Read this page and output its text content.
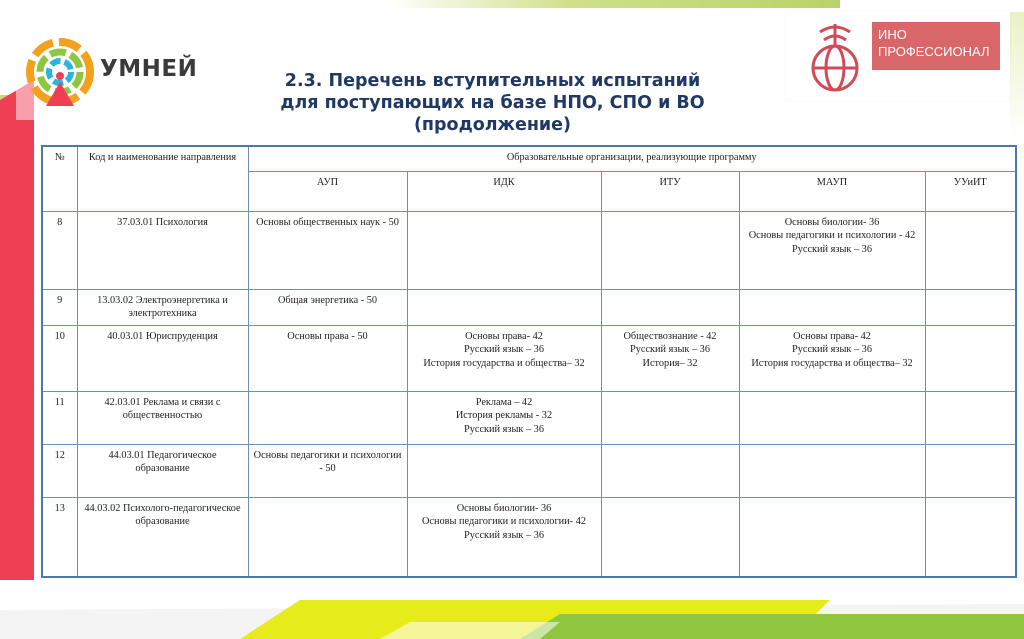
УМНЕЙ
ИНО ПРОФЕССИОНАЛ
2.3. Перечень вступительных испытаний
для поступающих на базе НПО, СПО и ВО
(продолжение)
№	Код и наименование направления	Образовательные организации, реализующие программу				
		АУП	ИДК	ИТУ	МАУП	УУиИТ
8	37.03.01 Психология	Основы общественных наук - 50			Основы биологии- 36
Основы педагогики и психологии - 42
Русский язык – 36	
9	13.03.02 Электроэнергетика и электротехника	Общая энергетика - 50				
10	40.03.01 Юриспруденция	Основы права - 50	Основы права- 42
Русский язык – 36
История государства и общества– 32	Обществознание - 42
Русский язык – 36
История– 32	Основы права- 42
Русский язык – 36
История государства и общества– 32	
11	42.03.01 Реклама и связи с общественностью		Реклама – 42
История рекламы - 32
Русский язык – 36			
12	44.03.01 Педагогическое образование	Основы педагогики и психологии - 50				
13	44.03.02 Психолого-педагогическое образование		Основы биологии- 36
Основы педагогики и психологии- 42
Русский язык – 36			
